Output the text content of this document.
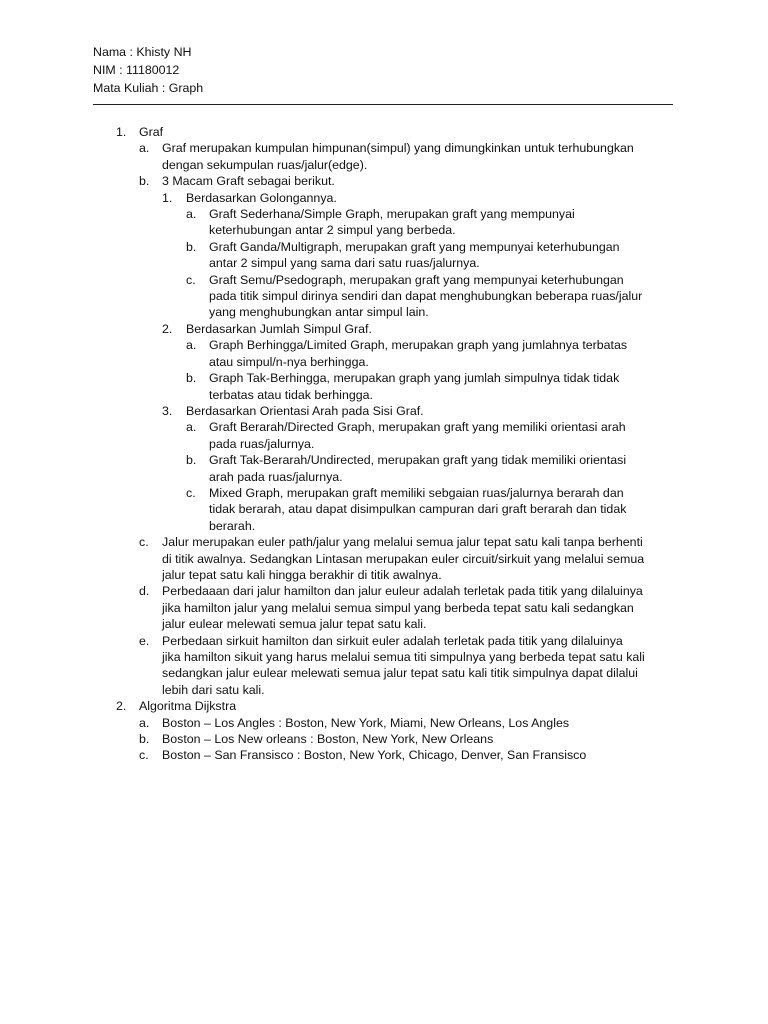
Nama : Khisty NH
NIM : 11180012
Mata Kuliah : Graph
1. Graf
a. Graf merupakan kumpulan himpunan(simpul) yang dimungkinkan untuk terhubungkan
dengan sekumpulan ruas/jalur(edge).
b. 3 Macam Graft sebagai berikut.
1. Berdasarkan Golongannya.
a. Graft Sederhana/Simple Graph, merupakan graft yang mempunyai
keterhubungan antar 2 simpul yang berbeda.
b. Graft Ganda/Multigraph, merupakan graft yang mempunyai keterhubungan
antar 2 simpul yang sama dari satu ruas/jalurnya.
c. Graft Semu/Psedograph, merupakan graft yang mempunyai keterhubungan
pada titik simpul dirinya sendiri dan dapat menghubungkan beberapa ruas/jalur
yang menghubungkan antar simpul lain.
2. Berdasarkan Jumlah Simpul Graf.
a. Graph Berhingga/Limited Graph, merupakan graph yang jumlahnya terbatas
atau simpul/n-nya berhingga.
b. Graph Tak-Berhingga, merupakan graph yang jumlah simpulnya tidak tidak
terbatas atau tidak berhingga.
3. Berdasarkan Orientasi Arah pada Sisi Graf.
a. Graft Berarah/Directed Graph, merupakan graft yang memiliki orientasi arah
pada ruas/jalurnya.
b. Graft Tak-Berarah/Undirected, merupakan graft yang tidak memiliki orientasi
arah pada ruas/jalurnya.
c. Mixed Graph, merupakan graft memiliki sebgaian ruas/jalurnya berarah dan
tidak berarah, atau dapat disimpulkan campuran dari graft berarah dan tidak
berarah.
c. Jalur merupakan euler path/jalur yang melalui semua jalur tepat satu kali tanpa berhenti
di titik awalnya. Sedangkan Lintasan merupakan euler circuit/sirkuit yang melalui semua
jalur tepat satu kali hingga berakhir di titik awalnya.
d. Perbedaaan dari jalur hamilton dan jalur euleur adalah terletak pada titik yang dilaluinya
jika hamilton jalur yang melalui semua simpul yang berbeda tepat satu kali sedangkan
jalur eulear melewati semua jalur tepat satu kali.
e. Perbedaan sirkuit hamilton dan sirkuit euler adalah terletak pada titik yang dilaluinya
jika hamilton sikuit yang harus melalui semua titi simpulnya yang berbeda tepat satu kali
sedangkan jalur eulear melewati semua jalur tepat satu kali titik simpulnya dapat dilalui
lebih dari satu kali.
2. Algoritma Dijkstra
a. Boston – Los Angles : Boston, New York, Miami, New Orleans, Los Angles
b. Boston – Los New orleans : Boston, New York, New Orleans
c. Boston – San Fransisco : Boston, New York, Chicago, Denver, San Fransisco
